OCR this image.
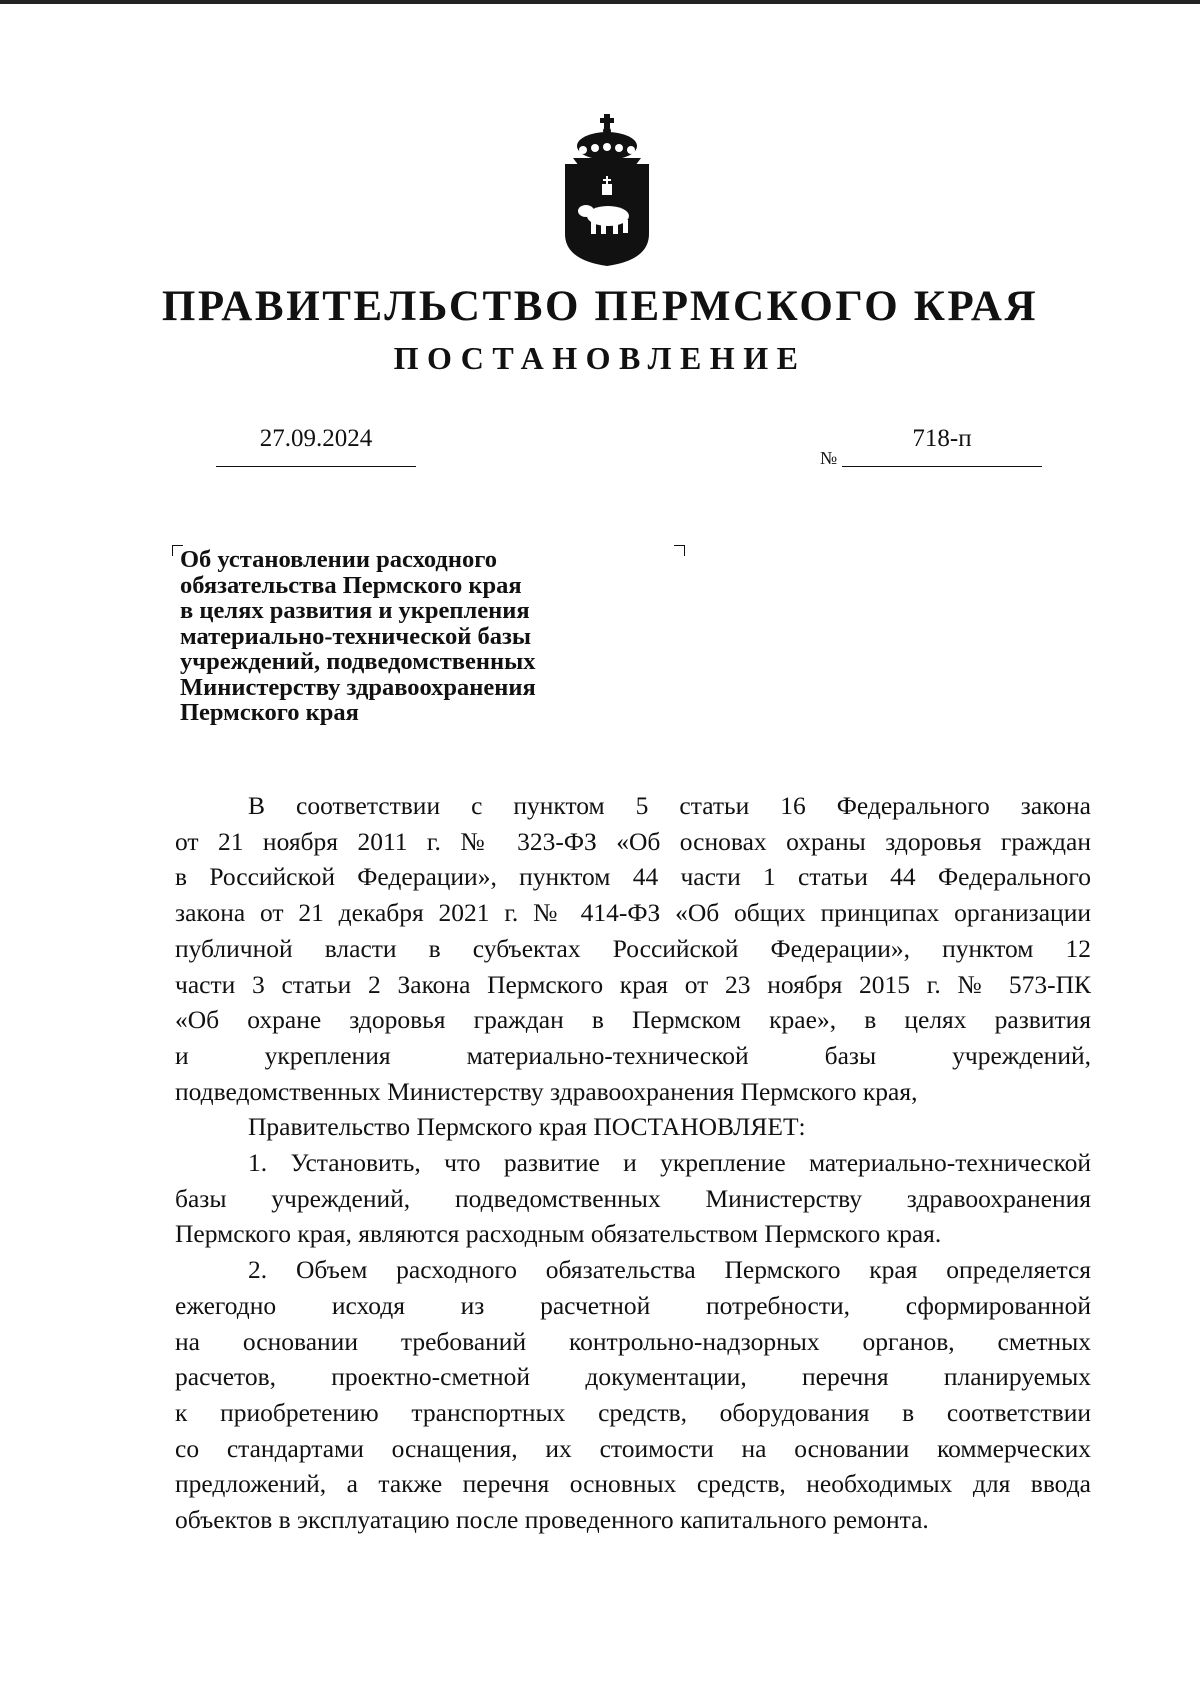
ПРАВИТЕЛЬСТВО ПЕРМСКОГО КРАЯ
ПОСТАНОВЛЕНИЕ
27.09.2024
№
718-п
Об установлении расходного
обязательства Пермского края
в целях развития и укрепления
материально-технической базы
учреждений, подведомственных
Министерству здравоохранения
Пермского края
В соответствии с пунктом 5 статьи 16 Федерального закона
от 21 ноября 2011 г. № 323-ФЗ «Об основах охраны здоровья граждан
в Российской Федерации», пунктом 44 части 1 статьи 44 Федерального
закона от 21 декабря 2021 г. № 414-ФЗ «Об общих принципах организации
публичной власти в субъектах Российской Федерации», пунктом 12
части 3 статьи 2 Закона Пермского края от 23 ноября 2015 г. № 573-ПК
«Об охране здоровья граждан в Пермском крае», в целях развития
и укрепления материально-технической базы учреждений,
подведомственных Министерству здравоохранения Пермского края,
Правительство Пермского края ПОСТАНОВЛЯЕТ:
1. Установить, что развитие и укрепление материально-технической
базы учреждений, подведомственных Министерству здравоохранения
Пермского края, являются расходным обязательством Пермского края.
2. Объем расходного обязательства Пермского края определяется
ежегодно исходя из расчетной потребности, сформированной
на основании требований контрольно-надзорных органов, сметных
расчетов, проектно-сметной документации, перечня планируемых
к приобретению транспортных средств, оборудования в соответствии
со стандартами оснащения, их стоимости на основании коммерческих
предложений, а также перечня основных средств, необходимых для ввода
объектов в эксплуатацию после проведенного капитального ремонта.
